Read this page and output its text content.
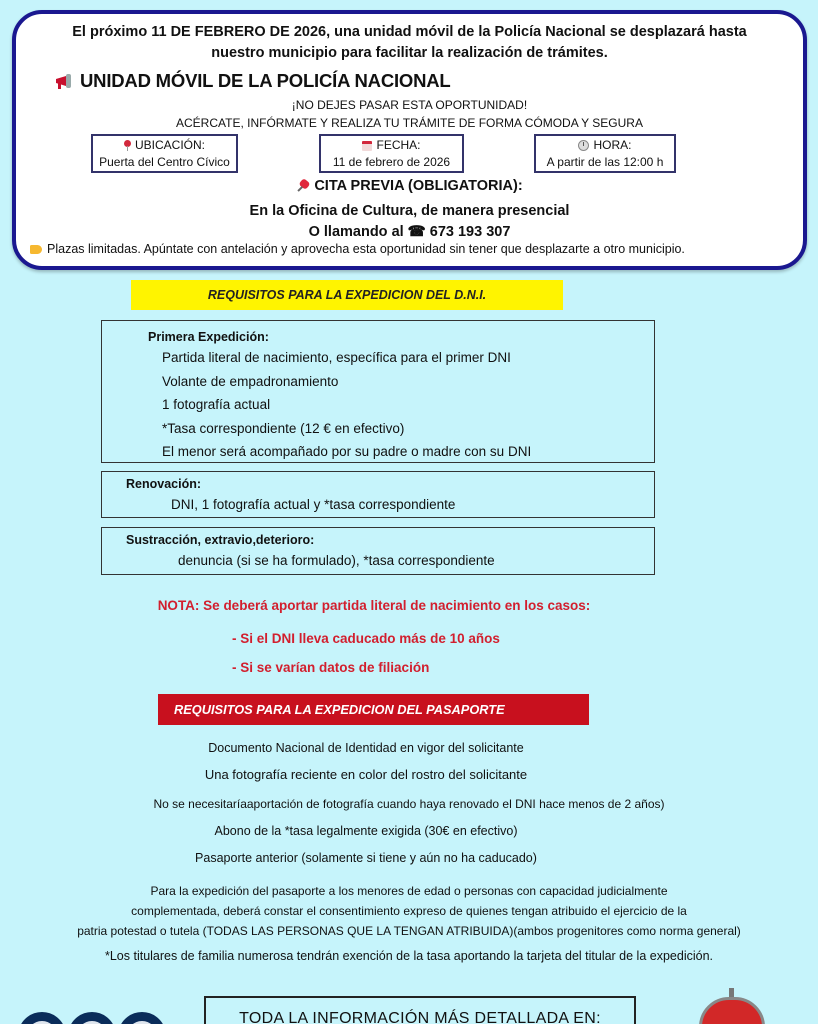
El próximo 11 DE FEBRERO DE 2026, una unidad móvil de la Policía Nacional se desplazará hasta
nuestro municipio para facilitar la realización de trámites.
UNIDAD MÓVIL DE LA POLICÍA NACIONAL
¡NO DEJES PASAR ESTA OPORTUNIDAD!
ACÉRCATE, INFÓRMATE Y REALIZA TU TRÁMITE DE FORMA CÓMODA Y SEGURA
UBICACIÓN:
Puerta del Centro Cívico
FECHA:
11 de febrero de 2026
HORA:
A partir de las 12:00 h
CITA PREVIA (OBLIGATORIA):
En la Oficina de Cultura, de manera presencial
O llamando al ☎ 673 193 307
Plazas limitadas. Apúntate con antelación y aprovecha esta oportunidad sin tener que desplazarte a otro municipio.
REQUISITOS PARA LA EXPEDICION DEL D.N.I.
Primera Expedición:
Partida literal de nacimiento, específica para el primer DNI
Volante de empadronamiento
1 fotografía actual
*Tasa correspondiente (12 € en efectivo)
El menor será acompañado por su padre o madre con su DNI
Renovación:
DNI, 1 fotografía actual y *tasa correspondiente
Sustracción, extravio,deterioro:
denuncia (si se ha formulado), *tasa correspondiente
NOTA: Se deberá aportar partida literal de nacimiento en los casos:
- Si el DNI lleva caducado más de 10 años
- Si se varían datos de filiación
REQUISITOS PARA LA EXPEDICION DEL PASAPORTE
Documento Nacional de Identidad en vigor del solicitante
Una fotografía reciente en color del rostro del solicitante
No se necesitaríaaportación de fotografía cuando haya renovado el DNI hace menos de 2 años)
Abono de la *tasa legalmente exigida (30€ en efectivo)
Pasaporte anterior (solamente si tiene y aún no ha caducado)
Para la expedición del pasaporte a los menores de edad o personas con capacidad judicialmente
complementada, deberá constar el consentimiento expreso de quienes tengan atribuido el ejercicio de la
patria potestad o tutela (TODAS LAS PERSONAS QUE LA TENGAN ATRIBUIDA)(ambos progenitores como norma general)
*Los titulares de familia numerosa tendrán exención de la tasa aportando la tarjeta del titular de la expedición.
TODA LA INFORMACIÓN MÁS DETALLADA EN:
